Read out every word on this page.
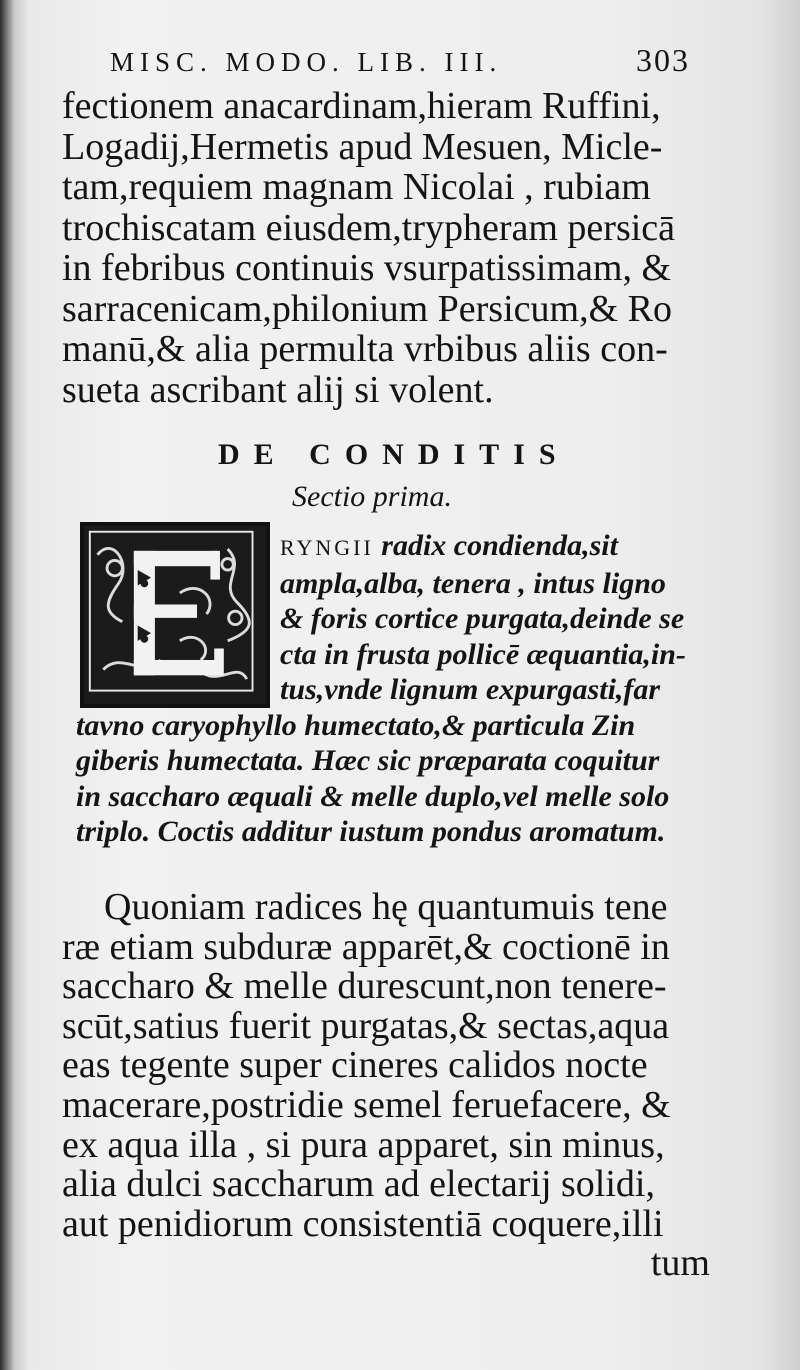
MISC. MODO. LIB. III.	303
fectionem anacardinam,hieram Ruffini,
Logadij,Hermetis apud Mesuen, Micle-
tam,requiem magnam Nicolai , rubiam
trochiscatam eiusdem,trypheram persicā
in febribus continuis vsurpatissimam, &
sarracenicam,philonium Persicum,& Ro
manū,& alia permulta vrbibus aliis con-
sueta ascribant alij si volent.
DE CONDITIS
Sectio prima.
RYNGII radix condienda,sit
ampla,alba, tenera , intus ligno
& foris cortice purgata,deinde se
cta in frusta pollicē æquantia,in-
tus,vnde lignum expurgasti,far
tavno caryophyllo humectato,& particula Zin
giberis humectata. Hæc sic præparata coquitur
in saccharo æquali & melle duplo,vel melle solo
triplo. Coctis additur iustum pondus aromatum.
Quoniam radices hę quantumuis tene
ræ etiam subduræ apparēt,& coctionē in
saccharo & melle durescunt,non tenere-
scūt,satius fuerit purgatas,& sectas,aqua
eas tegente super cineres calidos nocte
macerare,postridie semel feruefacere, &
ex aqua illa , si pura apparet, sin minus,
alia dulci saccharum ad electarij solidi,
aut penidiorum consistentiā coquere,illi
tum
